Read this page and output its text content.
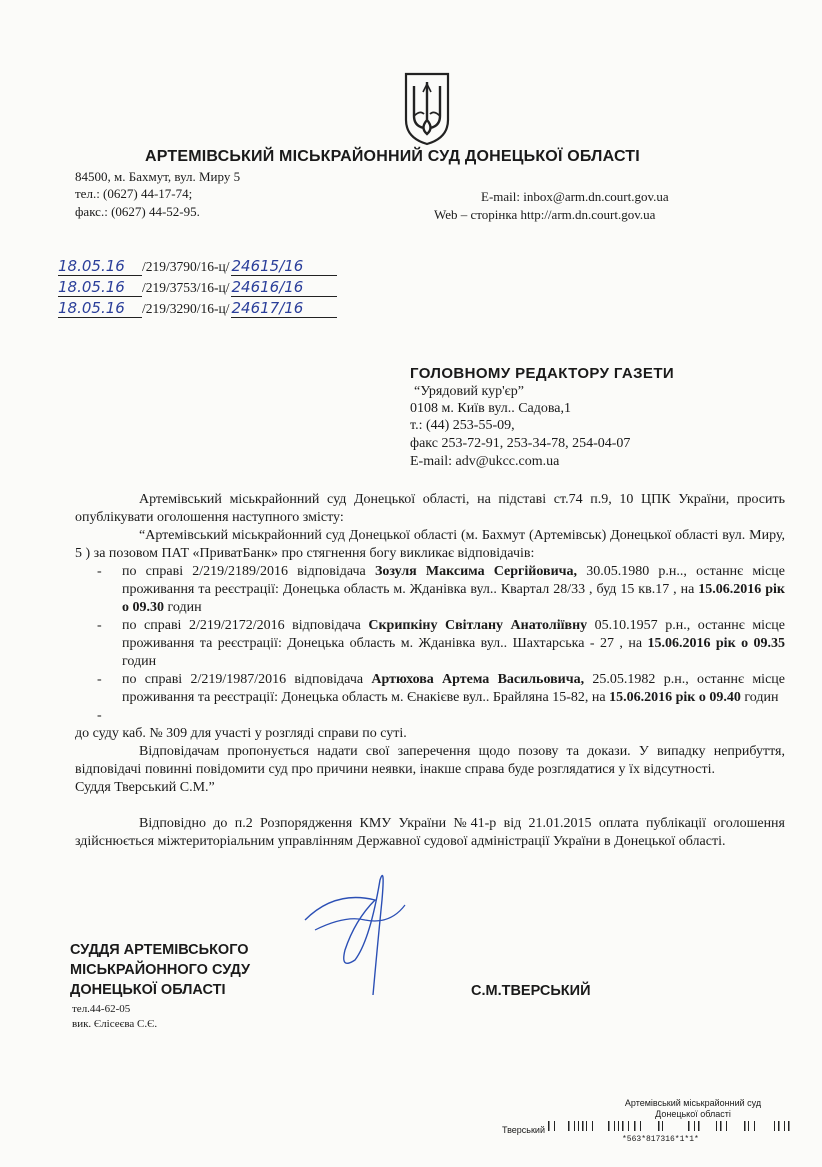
АРТЕМІВСЬКИЙ МІСЬКРАЙОННИЙ СУД ДОНЕЦЬКОЇ ОБЛАСТІ
84500, м. Бахмут, вул. Миру 5
тел.: (0627) 44-17-74;
факс.: (0627) 44-52-95.
E-mail: inbox@arm.dn.court.gov.ua
Web – сторінка http://arm.dn.court.gov.ua
18.05.16 /219/3790/16-ц/ 24615/16
18.05.16 /219/3753/16-ц/ 24616/16
18.05.16 /219/3290/16-ц/ 24617/16
ГОЛОВНОМУ РЕДАКТОРУ ГАЗЕТИ
“Урядовий кур'єр”
0108 м. Київ вул.. Садова,1
т.: (44) 253-55-09,
факс 253-72-91, 253-34-78, 254-04-07
E-mail: adv@ukcc.com.ua
Артемівський міськрайонний суд Донецької області, на підставі ст.74 п.9, 10 ЦПК України, просить опублікувати оголошення наступного змісту:
“Артемівський міськрайонний суд Донецької області (м. Бахмут (Артемівськ) Донецької області вул. Миру, 5 ) за позовом ПАТ «ПриватБанк» про стягнення богу викликає відповідачів:
- по справі 2/219/2189/2016 відповідача Зозуля Максима Сергійовича, 30.05.1980 р.н.., останнє місце проживання та реєстрації: Донецька область м. Жданівка вул.. Квартал 28/33 , буд 15 кв.17 , на 15.06.2016 рік о 09.30 годин
- по справі 2/219/2172/2016 відповідача Скрипкіну Світлану Анатоліївну 05.10.1957 р.н., останнє місце проживання та реєстрації: Донецька область м. Жданівка вул.. Шахтарська - 27 , на 15.06.2016 рік о 09.35 годин
- по справі 2/219/1987/2016 відповідача Артюхова Артема Васильовича, 25.05.1982 р.н., останнє місце проживання та реєстрації: Донецька область м. Єнакієве вул.. Брайляна 15-82, на 15.06.2016 рік о 09.40 годин
-

до суду каб. № 309 для участі у розгляді справи по суті.
Відповідачам пропонується надати свої заперечення щодо позову та докази. У випадку неприбуття, відповідачі повинні повідомити суд про причини неявки, інакше справа буде розглядатися у їх відсутності.Суддя Тверський С.М.”
Відповідно до п.2 Розпорядження КМУ України №41-р від 21.01.2015 оплата публікації оголошення здійснюється міжтериторіальним управлінням Державної судової адміністрації України в Донецької області.
СУДДЯ АРТЕМІВСЬКОГО
МІСЬКРАЙОННОГО СУДУ
ДОНЕЦЬКОЇ ОБЛАСТІ	С.М.ТВЕРСЬКИЙ
тел.44-62-05
вик. Єлісеєва С.Є.
Артемівський міськрайонний суд
Донецької області
Тверський
*563*817316*1*1*
